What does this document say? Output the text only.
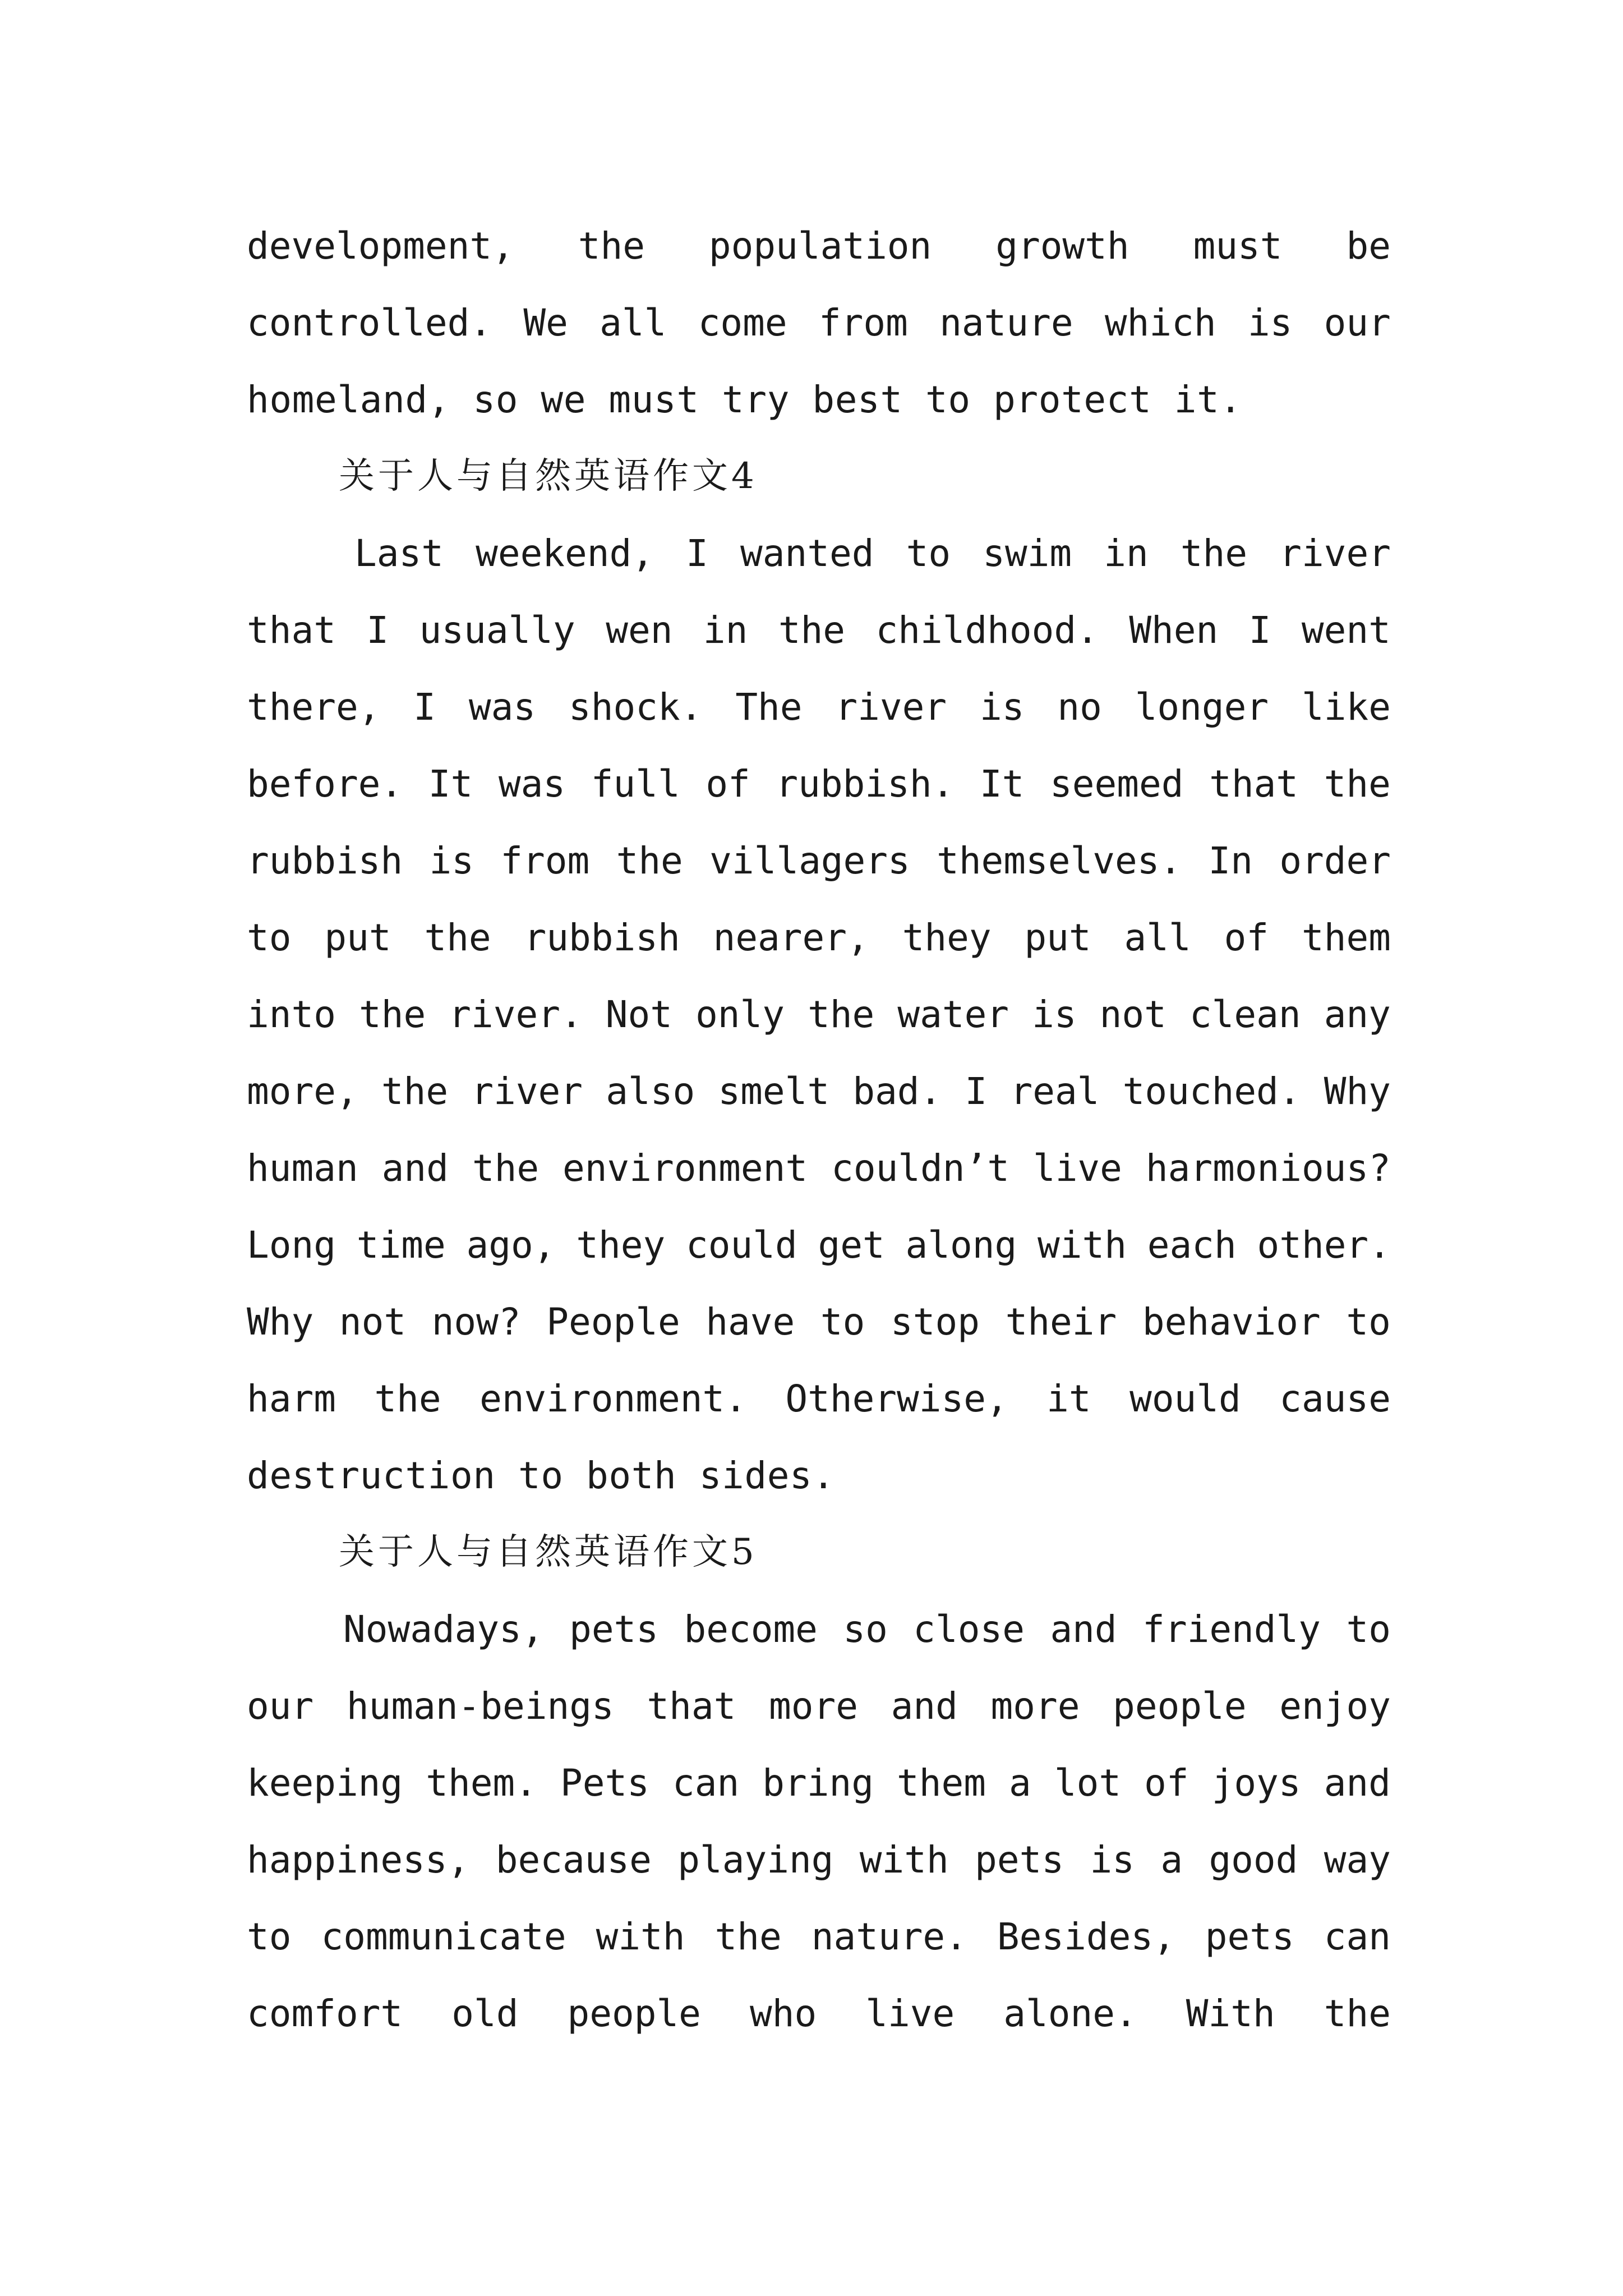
development, the population growth must be
controlled. We all come from nature which is our
homeland, so we must try best to protect it.
关于人与自然英语作文4
Last weekend, I wanted to swim in the river
that I usually wen in the childhood. When I went
there, I was shock. The river is no longer like
before. It was full of rubbish. It seemed that the
rubbish is from the villagers themselves. In order
to put the rubbish nearer, they put all of them
into the river. Not only the water is not clean any
more, the river also smelt bad. I real touched. Why
human and the environment couldn’t live harmonious?
Long time ago, they could get along with each other.
Why not now? People have to stop their behavior to
harm the environment. Otherwise, it would cause
destruction to both sides.
关于人与自然英语作文5
Nowadays, pets become so close and friendly to
our human-beings that more and more people enjoy
keeping them. Pets can bring them a lot of joys and
happiness, because playing with pets is a good way
to communicate with the nature. Besides, pets can
comfort old people who live alone. With the
